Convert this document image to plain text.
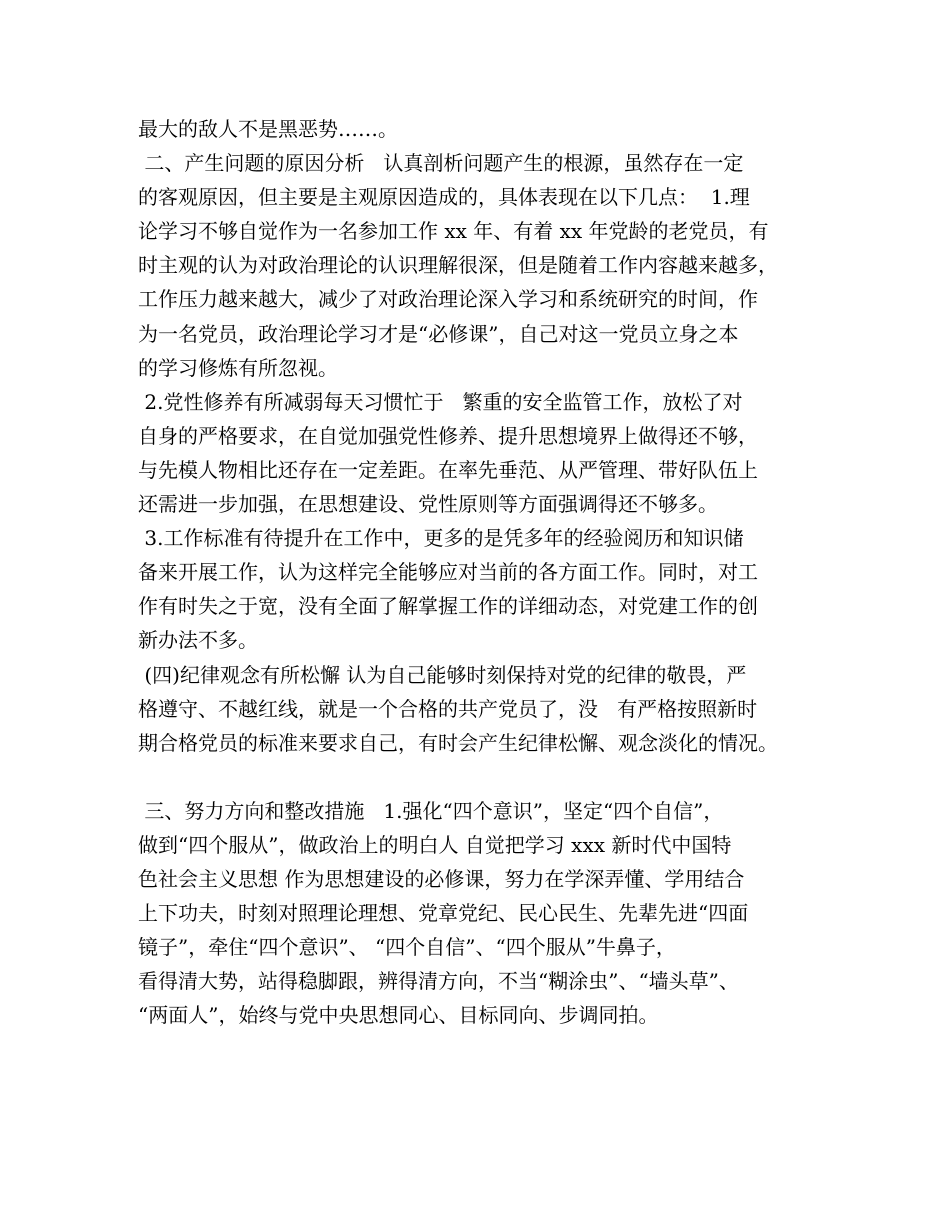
最大的敌人不是黑恶势……。
二、产生问题的原因分析   认真剖析问题产生的根源，虽然存在一定
的客观原因，但主要是主观原因造成的，具体表现在以下几点：  1.理
论学习不够自觉作为一名参加工作 xx 年、有着 xx 年党龄的老党员，有
时主观的认为对政治理论的认识理解很深，但是随着工作内容越来越多，
工作压力越来越大，减少了对政治理论深入学习和系统研究的时间，作
为一名党员，政治理论学习才是“必修课”，自己对这一党员立身之本
的学习修炼有所忽视。
2.党性修养有所减弱每天习惯忙于   繁重的安全监管工作，放松了对
自身的严格要求，在自觉加强党性修养、提升思想境界上做得还不够，
与先模人物相比还存在一定差距。在率先垂范、从严管理、带好队伍上
还需进一步加强，在思想建设、党性原则等方面强调得还不够多。
3.工作标准有待提升在工作中，更多的是凭多年的经验阅历和知识储
备来开展工作，认为这样完全能够应对当前的各方面工作。同时，对工
作有时失之于宽，没有全面了解掌握工作的详细动态，对党建工作的创
新办法不多。
(四)纪律观念有所松懈 认为自己能够时刻保持对党的纪律的敬畏，严
格遵守、不越红线，就是一个合格的共产党员了，没   有严格按照新时
期合格党员的标准来要求自己，有时会产生纪律松懈、观念淡化的情况。
三、努力方向和整改措施   1.强化“四个意识”，坚定“四个自信”，
做到“四个服从”，做政治上的明白人 自觉把学习 xxx 新时代中国特
色社会主义思想 作为思想建设的必修课，努力在学深弄懂、学用结合
上下功夫，时刻对照理论理想、党章党纪、民心民生、先辈先进“四面
镜子”，牵住“四个意识”、 “四个自信”、“四个服从”牛鼻子，
看得清大势，站得稳脚跟，辨得清方向，不当“糊涂虫”、“墙头草”、
“两面人”，始终与党中央思想同心、目标同向、步调同拍。
